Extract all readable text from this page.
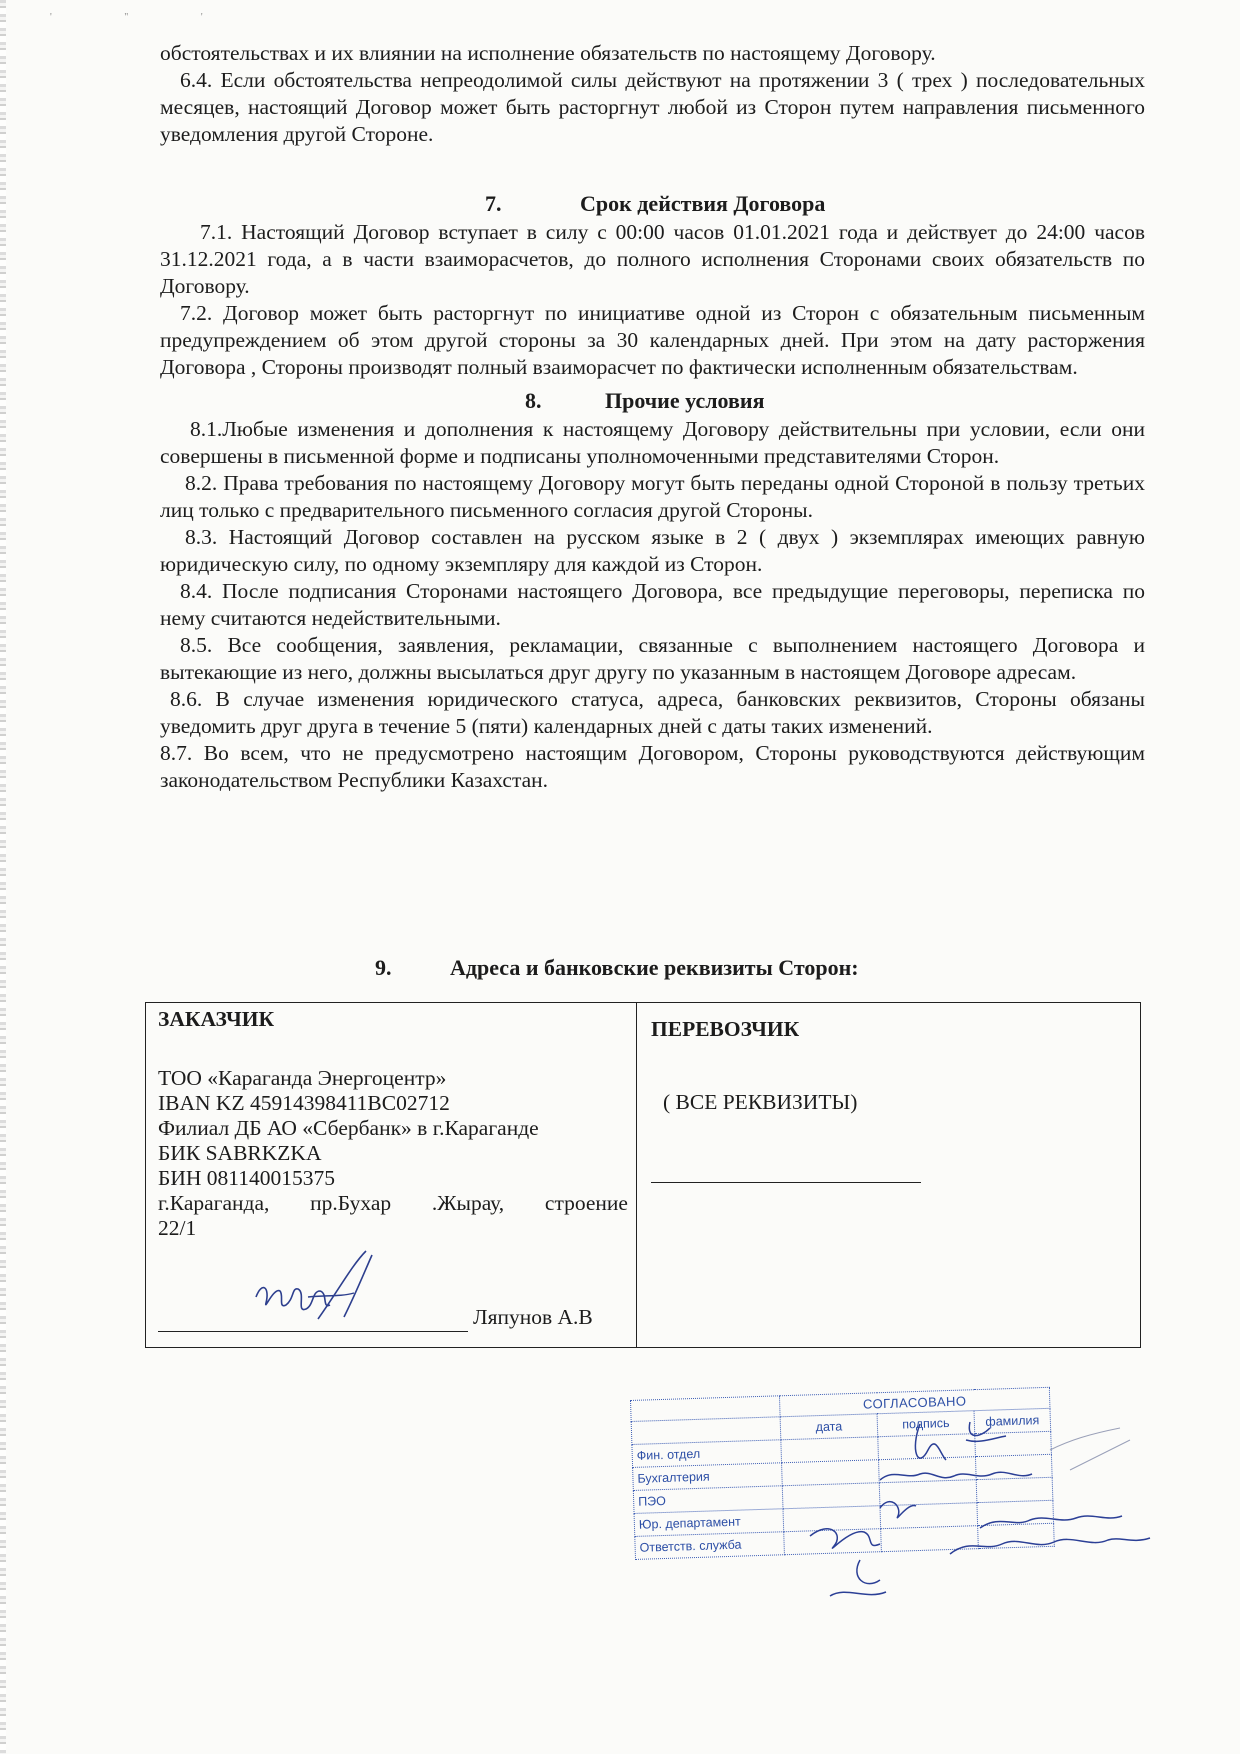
' " '

обстоятельствах и их влиянии на исполнение обязательств по настоящему Договору.

6.4. Если обстоятельства непреодолимой силы действуют на протяжении 3 ( трех ) последовательных месяцев, настоящий Договор может быть расторгнут любой из Сторон путем направления письменного уведомления другой Стороне.

7.	Срок действия Договора

7.1. Настоящий Договор вступает в силу с 00:00 часов 01.01.2021 года и действует до 24:00 часов 31.12.2021 года, а в части взаиморасчетов, до полного исполнения Сторонами своих обязательств по Договору.

7.2. Договор может быть расторгнут по инициативе одной из Сторон с обязательным письменным предупреждением об этом другой стороны за 30 календарных дней. При этом на дату расторжения Договора , Стороны производят полный взаиморасчет по фактически исполненным обязательствам.

8.	Прочие условия

8.1.Любые изменения и дополнения к настоящему Договору действительны при условии, если они совершены в письменной форме и подписаны уполномоченными представителями Сторон.

8.2. Права требования по настоящему Договору могут быть переданы одной Стороной в пользу третьих лиц только с предварительного письменного согласия другой Стороны.

8.3. Настоящий Договор составлен на русском языке в 2 ( двух ) экземплярах имеющих равную юридическую силу, по одному экземпляру для каждой из Сторон.

8.4. После подписания Сторонами настоящего Договора, все предыдущие переговоры, переписка по нему считаются недействительными.

8.5. Все сообщения, заявления, рекламации, связанные с выполнением настоящего Договора и вытекающие из него, должны высылаться друг другу по указанным в настоящем Договоре адресам.

8.6. В случае изменения юридического статуса, адреса, банковских реквизитов, Стороны обязаны уведомить друг друга в течение 5 (пяти) календарных дней с даты таких изменений.

8.7. Во всем, что не предусмотрено настоящим Договором, Стороны руководствуются действующим законодательством Республики Казахстан.

9.	Адреса и банковские реквизиты Сторон:
ЗАКАЗЧИК
ТОО «Караганда Энергоцентр»
IBAN KZ 45914398411BC02712
Филиал ДБ АО «Сбербанк» в г.Караганде
БИК SABRKZKA
БИН 081140015375
г.Караганда, пр.Бухар .Жырау, строение
22/1
Ляпунов А.В
ПЕРЕВОЗЧИК
( ВСЕ РЕКВИЗИТЫ)
	СОГЛАСОВАНО		
	дата	подпись	фамилия
Фин. отдел			
Бухгалтерия			
ПЭО			
Юр. департамент			
Ответств. служба			
